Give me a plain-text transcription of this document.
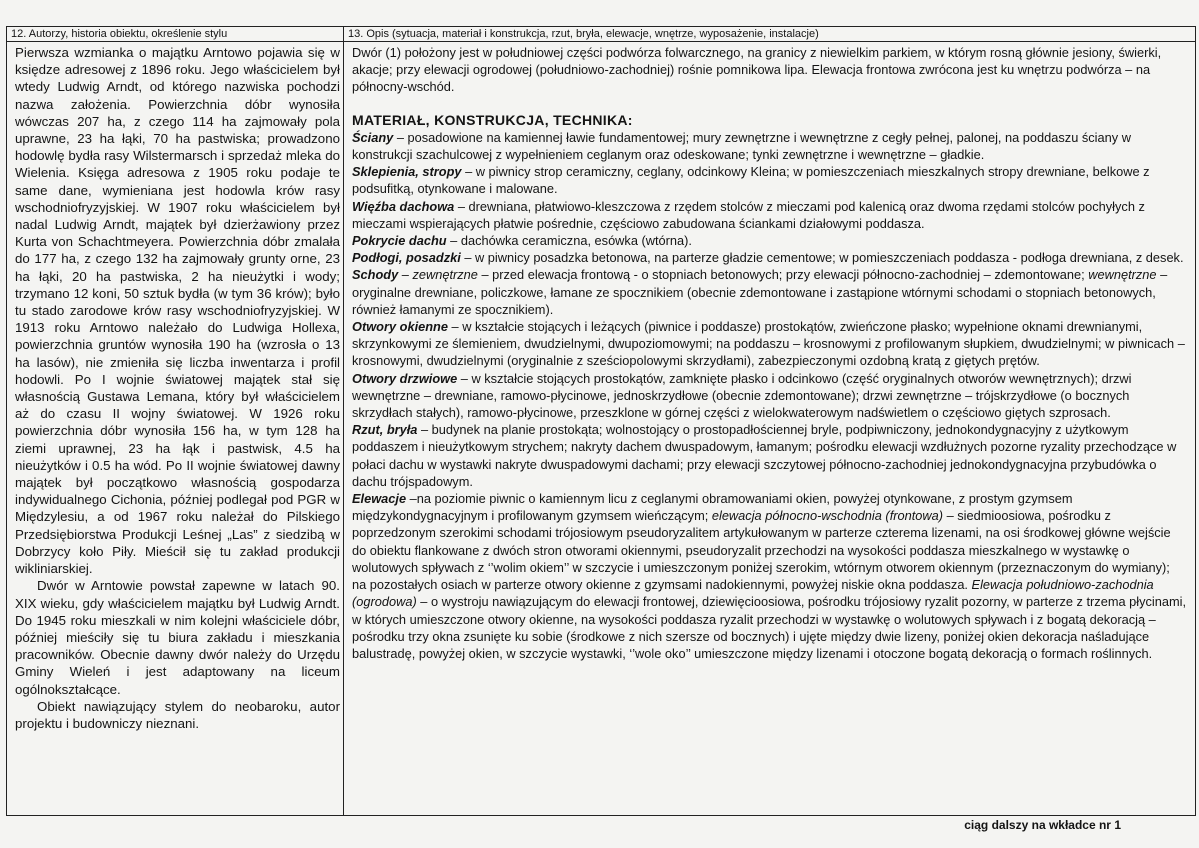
12. Autorzy, historia obiektu, określenie stylu	13. Opis (sytuacja, materiał i konstrukcja, rzut, bryła, elewacje, wnętrze, wyposażenie, instalacje)

Pierwsza wzmianka o majątku Arntowo pojawia się w księdze adresowej z 1896 roku. Jego właścicielem był wtedy Ludwig Arndt, od którego nazwiska pochodzi nazwa założenia. Powierzchnia dóbr wynosiła wówczas 207 ha, z czego 114 ha zajmowały pola uprawne, 23 ha łąki, 70 ha pastwiska; prowadzono hodowlę bydła rasy Wilstermarsch i sprzedaż mleka do Wielenia. Księga adresowa z 1905 roku podaje te same dane, wymieniana jest hodowla krów rasy wschodniofryzyjskiej. W 1907 roku właścicielem był nadal Ludwig Arndt, majątek był dzierżawiony przez Kurta von Schachtmeyera. Powierzchnia dóbr zmalała do 177 ha, z czego 132 ha zajmowały grunty orne, 23 ha łąki, 20 ha pastwiska, 2 ha nieużytki i wody; trzymano 12 koni, 50 sztuk bydła (w tym 36 krów); było tu stado zarodowe krów rasy wschodniofryzyjskiej. W 1913 roku Arntowo należało do Ludwiga Hollexa, powierzchnia gruntów wynosiła 190 ha (wzrosła o 13 ha lasów), nie zmieniła się liczba inwentarza i profil hodowli. Po I wojnie światowej majątek stał się własnością Gustawa Lemana, który był właścicielem aż do czasu II wojny światowej. W 1926 roku powierzchnia dóbr wynosiła 156 ha, w tym 128 ha ziemi uprawnej, 23 ha łąk i pastwisk, 4.5 ha nieużytków i 0.5 ha wód. Po II wojnie światowej dawny majątek był początkowo własnością gospodarza indywidualnego Cichonia, później podlegał pod PGR w Międzylesiu, a od 1967 roku należał do Pilskiego Przedsiębiorstwa Produkcji Leśnej „Las” z siedzibą w Dobrzycy koło Piły. Mieścił się tu zakład produkcji wikliniarskiej.

Dwór w Arntowie powstał zapewne w latach 90. XIX wieku, gdy właścicielem majątku był Ludwig Arndt. Do 1945 roku mieszkali w nim kolejni właściciele dóbr, później mieściły się tu biura zakładu i mieszkania pracowników. Obecnie dawny dwór należy do Urzędu Gminy Wieleń i jest adaptowany na liceum ogólnokształcące.

Obiekt nawiązujący stylem do neobaroku, autor projektu i budowniczy nieznani.

Dwór (1) położony jest w południowej części podwórza folwarcznego, na granicy z niewielkim parkiem, w którym rosną głównie jesiony, świerki, akacje; przy elewacji ogrodowej (południowo-zachodniej) rośnie pomnikowa lipa. Elewacja frontowa zwrócona jest ku wnętrzu podwórza – na północny-wschód.

MATERIAŁ, KONSTRUKCJA, TECHNIKA:

Ściany – posadowione na kamiennej ławie fundamentowej; mury zewnętrzne i wewnętrzne z cegły pełnej, palonej, na poddaszu ściany w konstrukcji szachulcowej z wypełnieniem ceglanym oraz odeskowane; tynki zewnętrzne i wewnętrzne – gładkie.

Sklepienia, stropy – w piwnicy strop ceramiczny, ceglany, odcinkowy Kleina; w pomieszczeniach mieszkalnych stropy drewniane, belkowe z podsufitką, otynkowane i malowane.

Więźba dachowa – drewniana, płatwiowo-kleszczowa z rzędem stolców z mieczami pod kalenicą oraz dwoma rzędami stolców pochyłych z mieczami wspierających płatwie pośrednie, częściowo zabudowana ściankami działowymi poddasza.

Pokrycie dachu – dachówka ceramiczna, esówka (wtórna).

Podłogi, posadzki – w piwnicy posadzka betonowa, na parterze gładzie cementowe; w pomieszczeniach poddasza - podłoga drewniana, z desek.

Schody – zewnętrzne – przed elewacja frontową - o stopniach betonowych; przy elewacji północno-zachodniej – zdemontowane; wewnętrzne – oryginalne drewniane, policzkowe, łamane ze spocznikiem (obecnie zdemontowane i zastąpione wtórnymi schodami o stopniach betonowych, również łamanymi ze spocznikiem).

Otwory okienne – w kształcie stojących i leżących (piwnice i poddasze) prostokątów, zwieńczone płasko; wypełnione oknami drewnianymi, skrzynkowymi ze ślemieniem, dwudzielnymi, dwupoziomowymi; na poddaszu – krosnowymi z profilowanym słupkiem, dwudzielnymi; w piwnicach – krosnowymi, dwudzielnymi (oryginalnie z sześciopolowymi skrzydłami), zabezpieczonymi ozdobną kratą z giętych prętów.

Otwory drzwiowe – w kształcie stojących prostokątów, zamknięte płasko i odcinkowo (część oryginalnych otworów wewnętrznych); drzwi wewnętrzne – drewniane, ramowo-płycinowe, jednoskrzydłowe (obecnie zdemontowane); drzwi zewnętrzne – trójskrzydłowe (o bocznych skrzydłach stałych), ramowo-płycinowe, przeszklone w górnej części z wielokwaterowym nadświetlem o częściowo giętych szprosach.

Rzut, bryła – budynek na planie prostokąta; wolnostojący o prostopadłościennej bryle, podpiwniczony, jednokondygnacyjny z użytkowym poddaszem i nieużytkowym strychem; nakryty dachem dwuspadowym, łamanym; pośrodku elewacji wzdłużnych pozorne ryzality przechodzące w połaci dachu w wystawki nakryte dwuspadowymi dachami; przy elewacji szczytowej północno-zachodniej jednokondygnacyjna przybudówka o dachu trójspadowym.

Elewacje –na poziomie piwnic o kamiennym licu z ceglanymi obramowaniami okien, powyżej otynkowane, z prostym gzymsem międzykondygnacyjnym i profilowanym gzymsem wieńczącym; elewacja północno-wschodnia (frontowa) – siedmioosiowa, pośrodku z poprzedzonym szerokimi schodami trójosiowym pseudoryzalitem artykułowanym w parterze czterema lizenami, na osi środkowej główne wejście do obiektu flankowane z dwóch stron otworami okiennymi, pseudoryzalit przechodzi na wysokości poddasza mieszkalnego w wystawkę o wolutowych spływach z ‘’wolim okiem’’ w szczycie i umieszczonym poniżej szerokim, wtórnym otworem okiennym (przeznaczonym do wymiany); na pozostałych osiach w parterze otwory okienne z gzymsami nadokiennymi, powyżej niskie okna poddasza. Elewacja południowo-zachodnia (ogrodowa) – o wystroju nawiązującym do elewacji frontowej, dziewięcioosiowa, pośrodku trójosiowy ryzalit pozorny, w parterze z trzema płycinami, w których umieszczone otwory okienne, na wysokości poddasza ryzalit przechodzi w wystawkę o wolutowych spływach i z bogatą dekoracją – pośrodku trzy okna zsunięte ku sobie (środkowe z nich szersze od bocznych) i ujęte między dwie lizeny, poniżej okien dekoracja naśladujące balustradę, powyżej okien, w szczycie wystawki, ‘’wole oko’’ umieszczone między lizenami i otoczone bogatą dekoracją o formach roślinnych.

ciąg dalszy na wkładce nr 1
